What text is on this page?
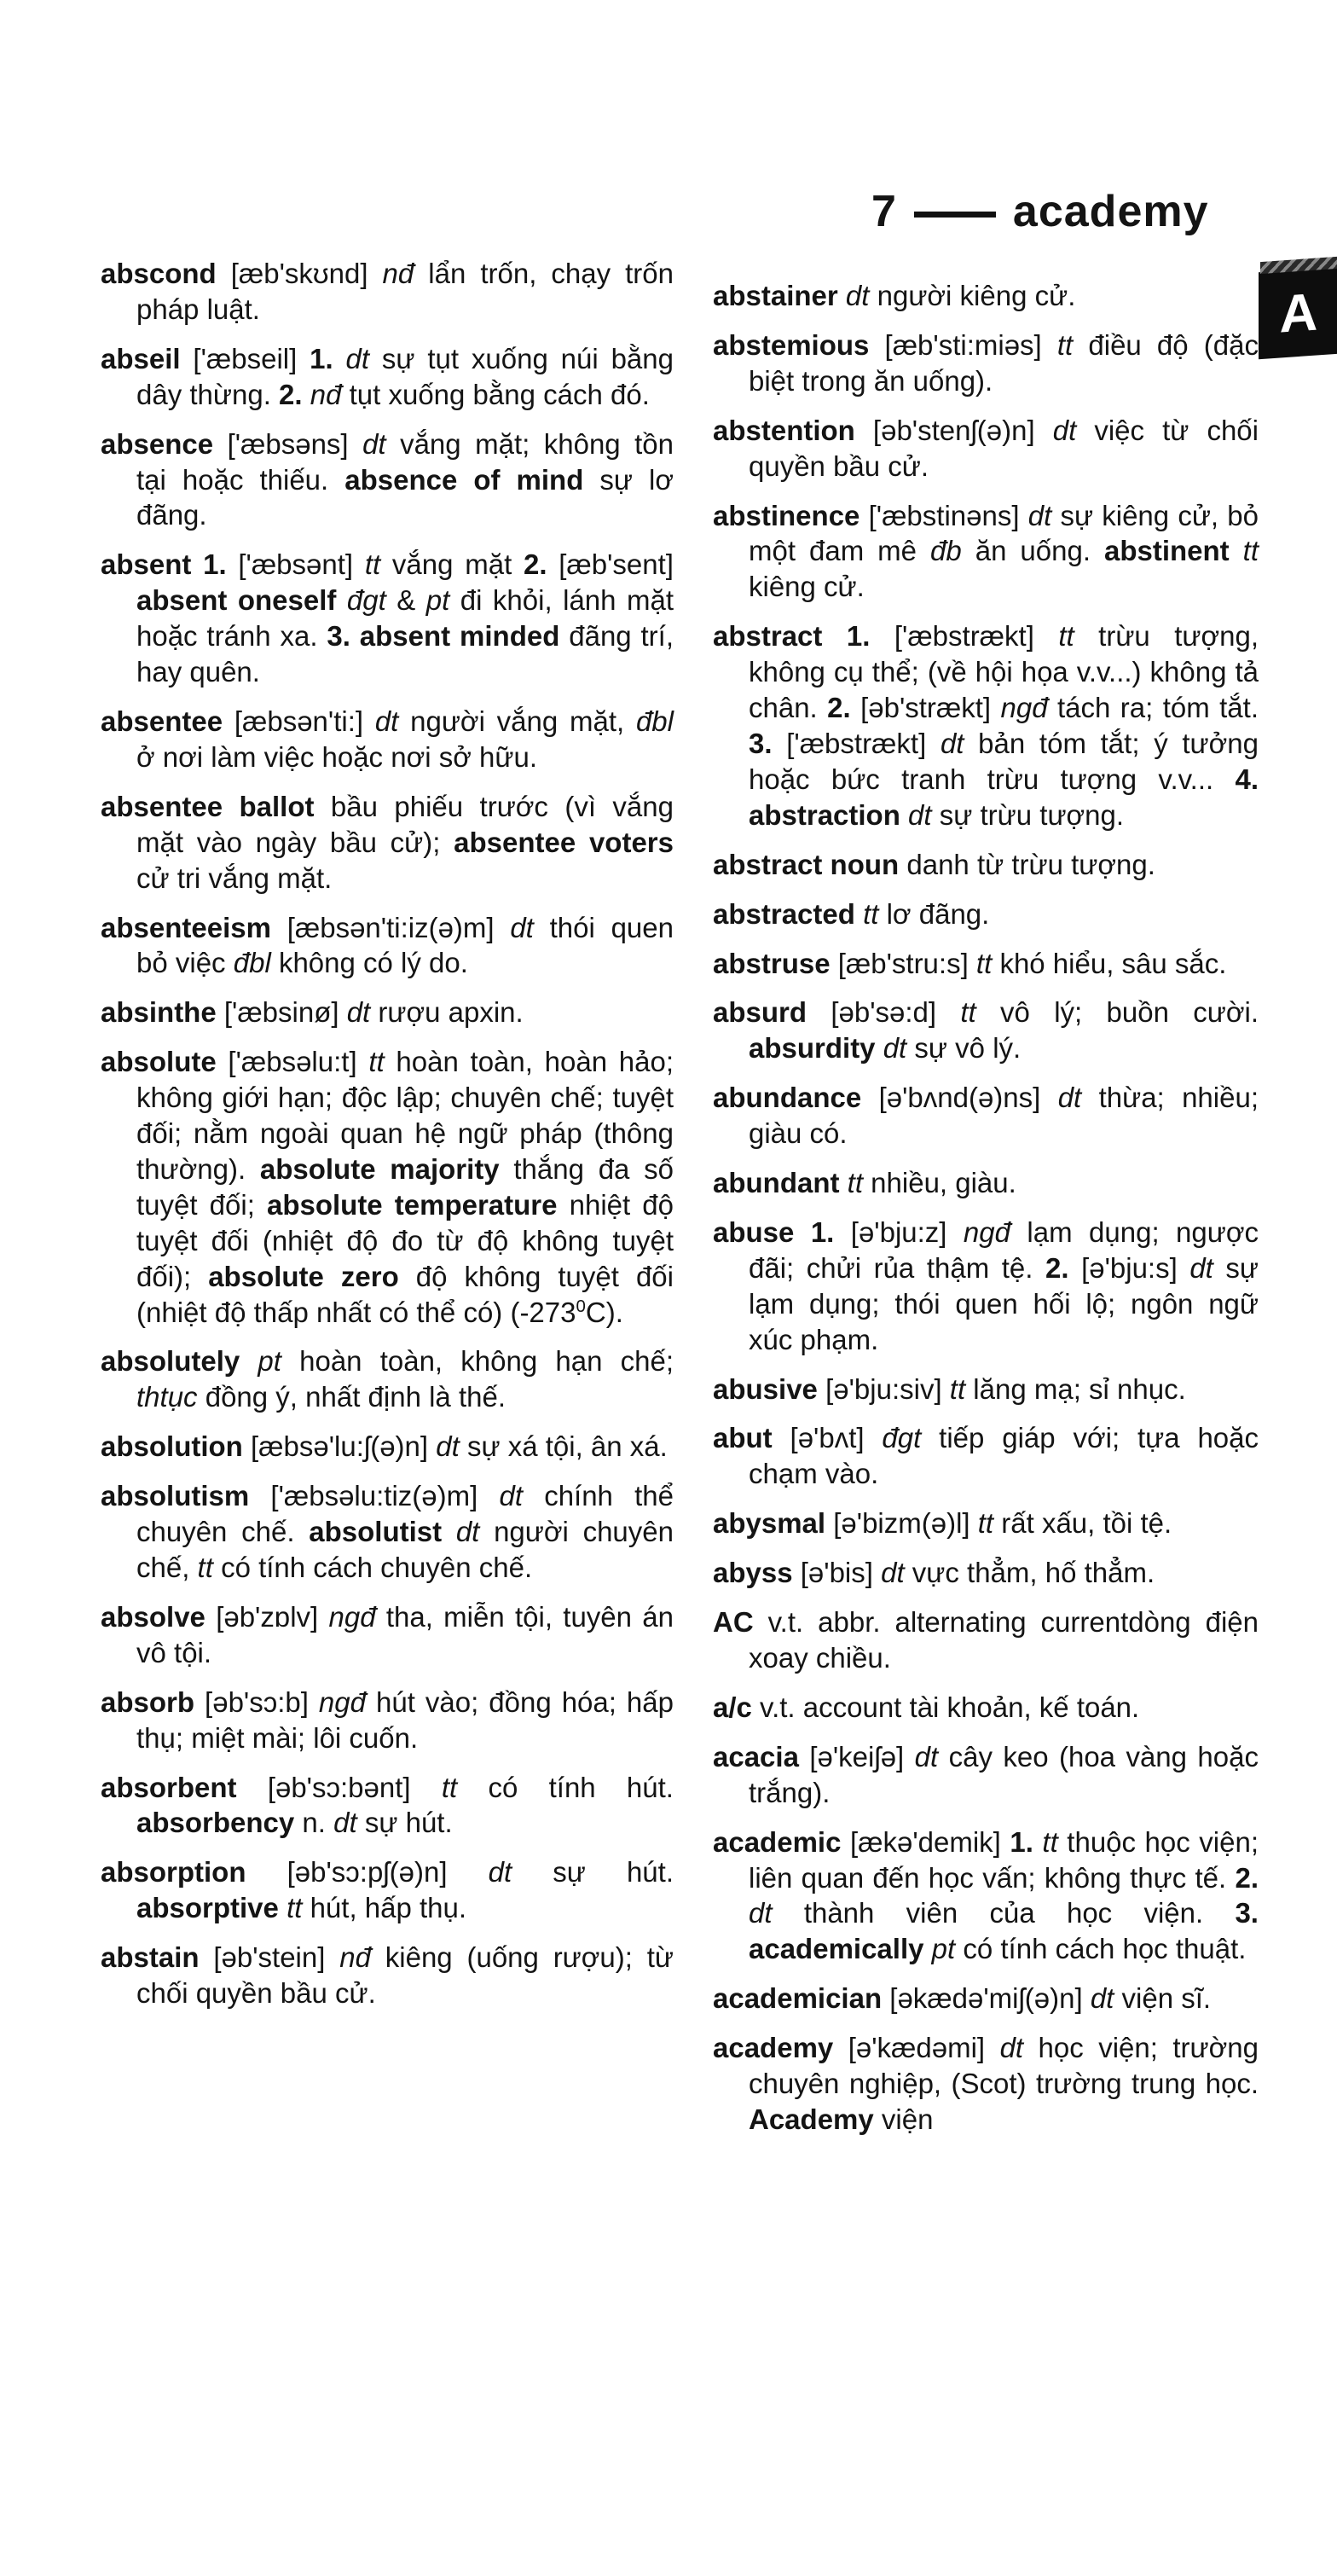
7	academy
A

abscond [æb'skʊnd] nđ lẩn trốn, chạy trốn pháp luật.

abseil ['æbseil] 1. dt sự tụt xuống núi bằng dây thừng. 2. nđ tụt xuống bằng cách đó.

absence ['æbsəns] dt vắng mặt; không tồn tại hoặc thiếu. absence of mind sự lơ đãng.

absent 1. ['æbsənt] tt vắng mặt 2. [æb'sent] absent oneself đgt & pt đi khỏi, lánh mặt hoặc tránh xa. 3. absent minded đãng trí, hay quên.

absentee [æbsən'ti:] dt người vắng mặt, đbl ở nơi làm việc hoặc nơi sở hữu.

absentee ballot bầu phiếu trước (vì vắng mặt vào ngày bầu cử); absentee voters cử tri vắng mặt.

absenteeism [æbsən'ti:iz(ə)m] dt thói quen bỏ việc đbl không có lý do.

absinthe ['æbsinø] dt rượu apxin.

absolute ['æbsəlu:t] tt hoàn toàn, hoàn hảo; không giới hạn; độc lập; chuyên chế; tuyệt đối; nằm ngoài quan hệ ngữ pháp (thông thường). absolute majority thắng đa số tuyệt đối; absolute temperature nhiệt độ tuyệt đối (nhiệt độ đo từ độ không tuyệt đối); absolute zero độ không tuyệt đối (nhiệt độ thấp nhất có thể có) $(-273^0C)$.

absolutely pt hoàn toàn, không hạn chế; thtục đồng ý, nhất định là thế.

absolution [æbsə'lu:ʃ(ə)n] dt sự xá tội, ân xá.

absolutism ['æbsəlu:tiz(ə)m] dt chính thể chuyên chế. absolutist dt người chuyên chế, tt có tính cách chuyên chế.

absolve [əb'zɒlv] ngđ tha, miễn tội, tuyên án vô tội.

absorb [əb'sɔ:b] ngđ hút vào; đồng hóa; hấp thụ; miệt mài; lôi cuốn.

absorbent [əb'sɔ:bənt] tt có tính hút. absorbency n. dt sự hút.

absorption [əb'sɔ:pʃ(ə)n] dt sự hút. absorptive tt hút, hấp thụ.

abstain [əb'stein] nđ kiêng (uống rượu); từ chối quyền bầu cử.

abstainer dt người kiêng cử.

abstemious [æb'sti:miəs] tt điều độ (đặc biệt trong ăn uống).

abstention [əb'stenʃ(ə)n] dt việc từ chối quyền bầu cử.

abstinence ['æbstinəns] dt sự kiêng cử, bỏ một đam mê đb ăn uống. abstinent tt kiêng cử.

abstract 1. ['æbstrækt] tt trừu tượng, không cụ thể; (về hội họa v.v...) không tả chân. 2. [əb'strækt] ngđ tách ra; tóm tắt. 3. ['æbstrækt] dt bản tóm tắt; ý tưởng hoặc bức tranh trừu tượng v.v... 4. abstraction dt sự trừu tượng.

abstract noun danh từ trừu tượng.

abstracted tt lơ đãng.

abstruse [æb'stru:s] tt khó hiểu, sâu sắc.

absurd [əb'sə:d] tt vô lý; buồn cười. absurdity dt sự vô lý.

abundance [ə'bʌnd(ə)ns] dt thừa; nhiều; giàu có.

abundant tt nhiều, giàu.

abuse 1. [ə'bju:z] ngđ lạm dụng; ngược đãi; chửi rủa thậm tệ. 2. [ə'bju:s] dt sự lạm dụng; thói quen hối lộ; ngôn ngữ xúc phạm.

abusive [ə'bju:siv] tt lăng mạ; sỉ nhục.

abut [ə'bʌt] đgt tiếp giáp với; tựa hoặc chạm vào.

abysmal [ə'bizm(ə)l] tt rất xấu, tồi tệ.

abyss [ə'bis] dt vực thẳm, hố thẳm.

AC v.t. abbr. alternating currentdòng điện xoay chiều.

a/c v.t. account tài khoản, kế toán.

acacia [ə'keiʃə] dt cây keo (hoa vàng hoặc trắng).

academic [ækə'demik] 1. tt thuộc học viện; liên quan đến học vấn; không thực tế. 2. dt thành viên của học viện. 3. academically pt có tính cách học thuật.

academician [əkædə'miʃ(ə)n] dt viện sĩ.

academy [ə'kædəmi] dt học viện; trường chuyên nghiệp, (Scot) trường trung học. Academy viện
